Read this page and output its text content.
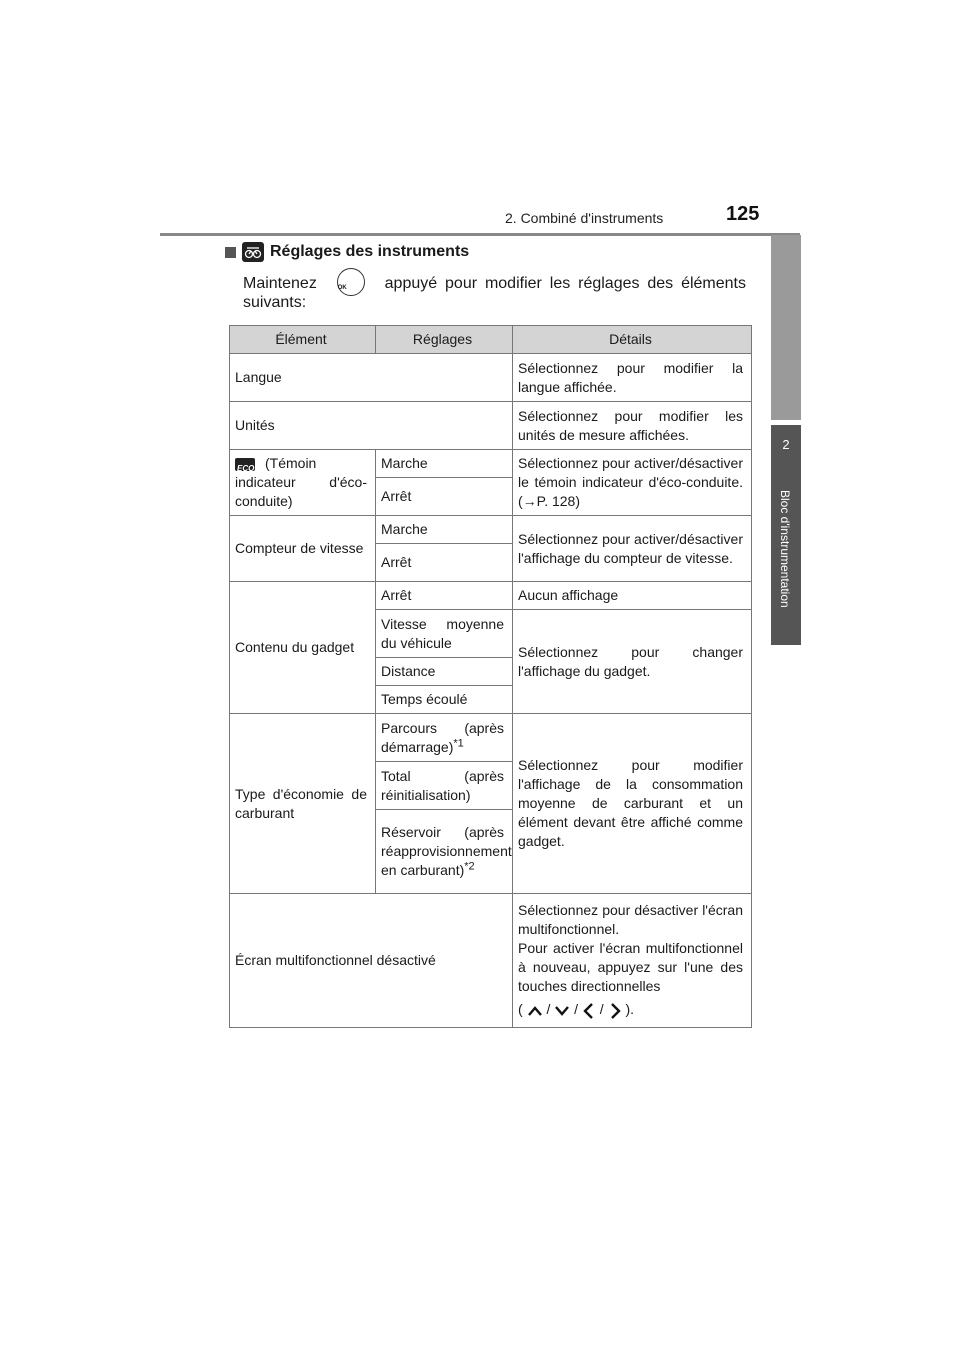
2. Combiné d'instruments	125
2
Bloc d'instrumentation
Réglages des instruments
Maintenez	OK	appuyé pour modifier les réglages des éléments
suivants:
Élément	Réglages	Détails
Langue		Sélectionnez pour modifier la langue affichée.
Unités		Sélectionnez pour modifier les unités de mesure affichées.

ECO (Témoin indicateur d'éco-conduite)	Marche	Sélectionnez pour activer/désactiver le témoin indicateur d'éco-conduite. (→P. 128)
	Arrêt	
Compteur de vitesse	Marche	Sélectionnez pour activer/désactiver l'affichage du compteur de vitesse.
	Arrêt	
Contenu du gadget	Arrêt	Aucun affichage
	Vitesse moyenne du véhicule	Sélectionnez pour changer l'affichage du gadget.
	Distance	
	Temps écoulé	
Type d'économie de carburant	Parcours (après démarrage)$^{*1}$	Sélectionnez pour modifier l'affichage de la consommation moyenne de carburant et un élément devant être affiché comme gadget.
	Total (après réinitialisation)	
	Réservoir (après réapprovisionnement en carburant)$^{*2}$
Écran multifonctionnel désactivé		Sélectionnez pour désactiver l'écran multifonctionnel.
Pour activer l'écran multifonctionnel à nouveau, appuyez sur l'une des touches directionnelles
(  / / / ).
